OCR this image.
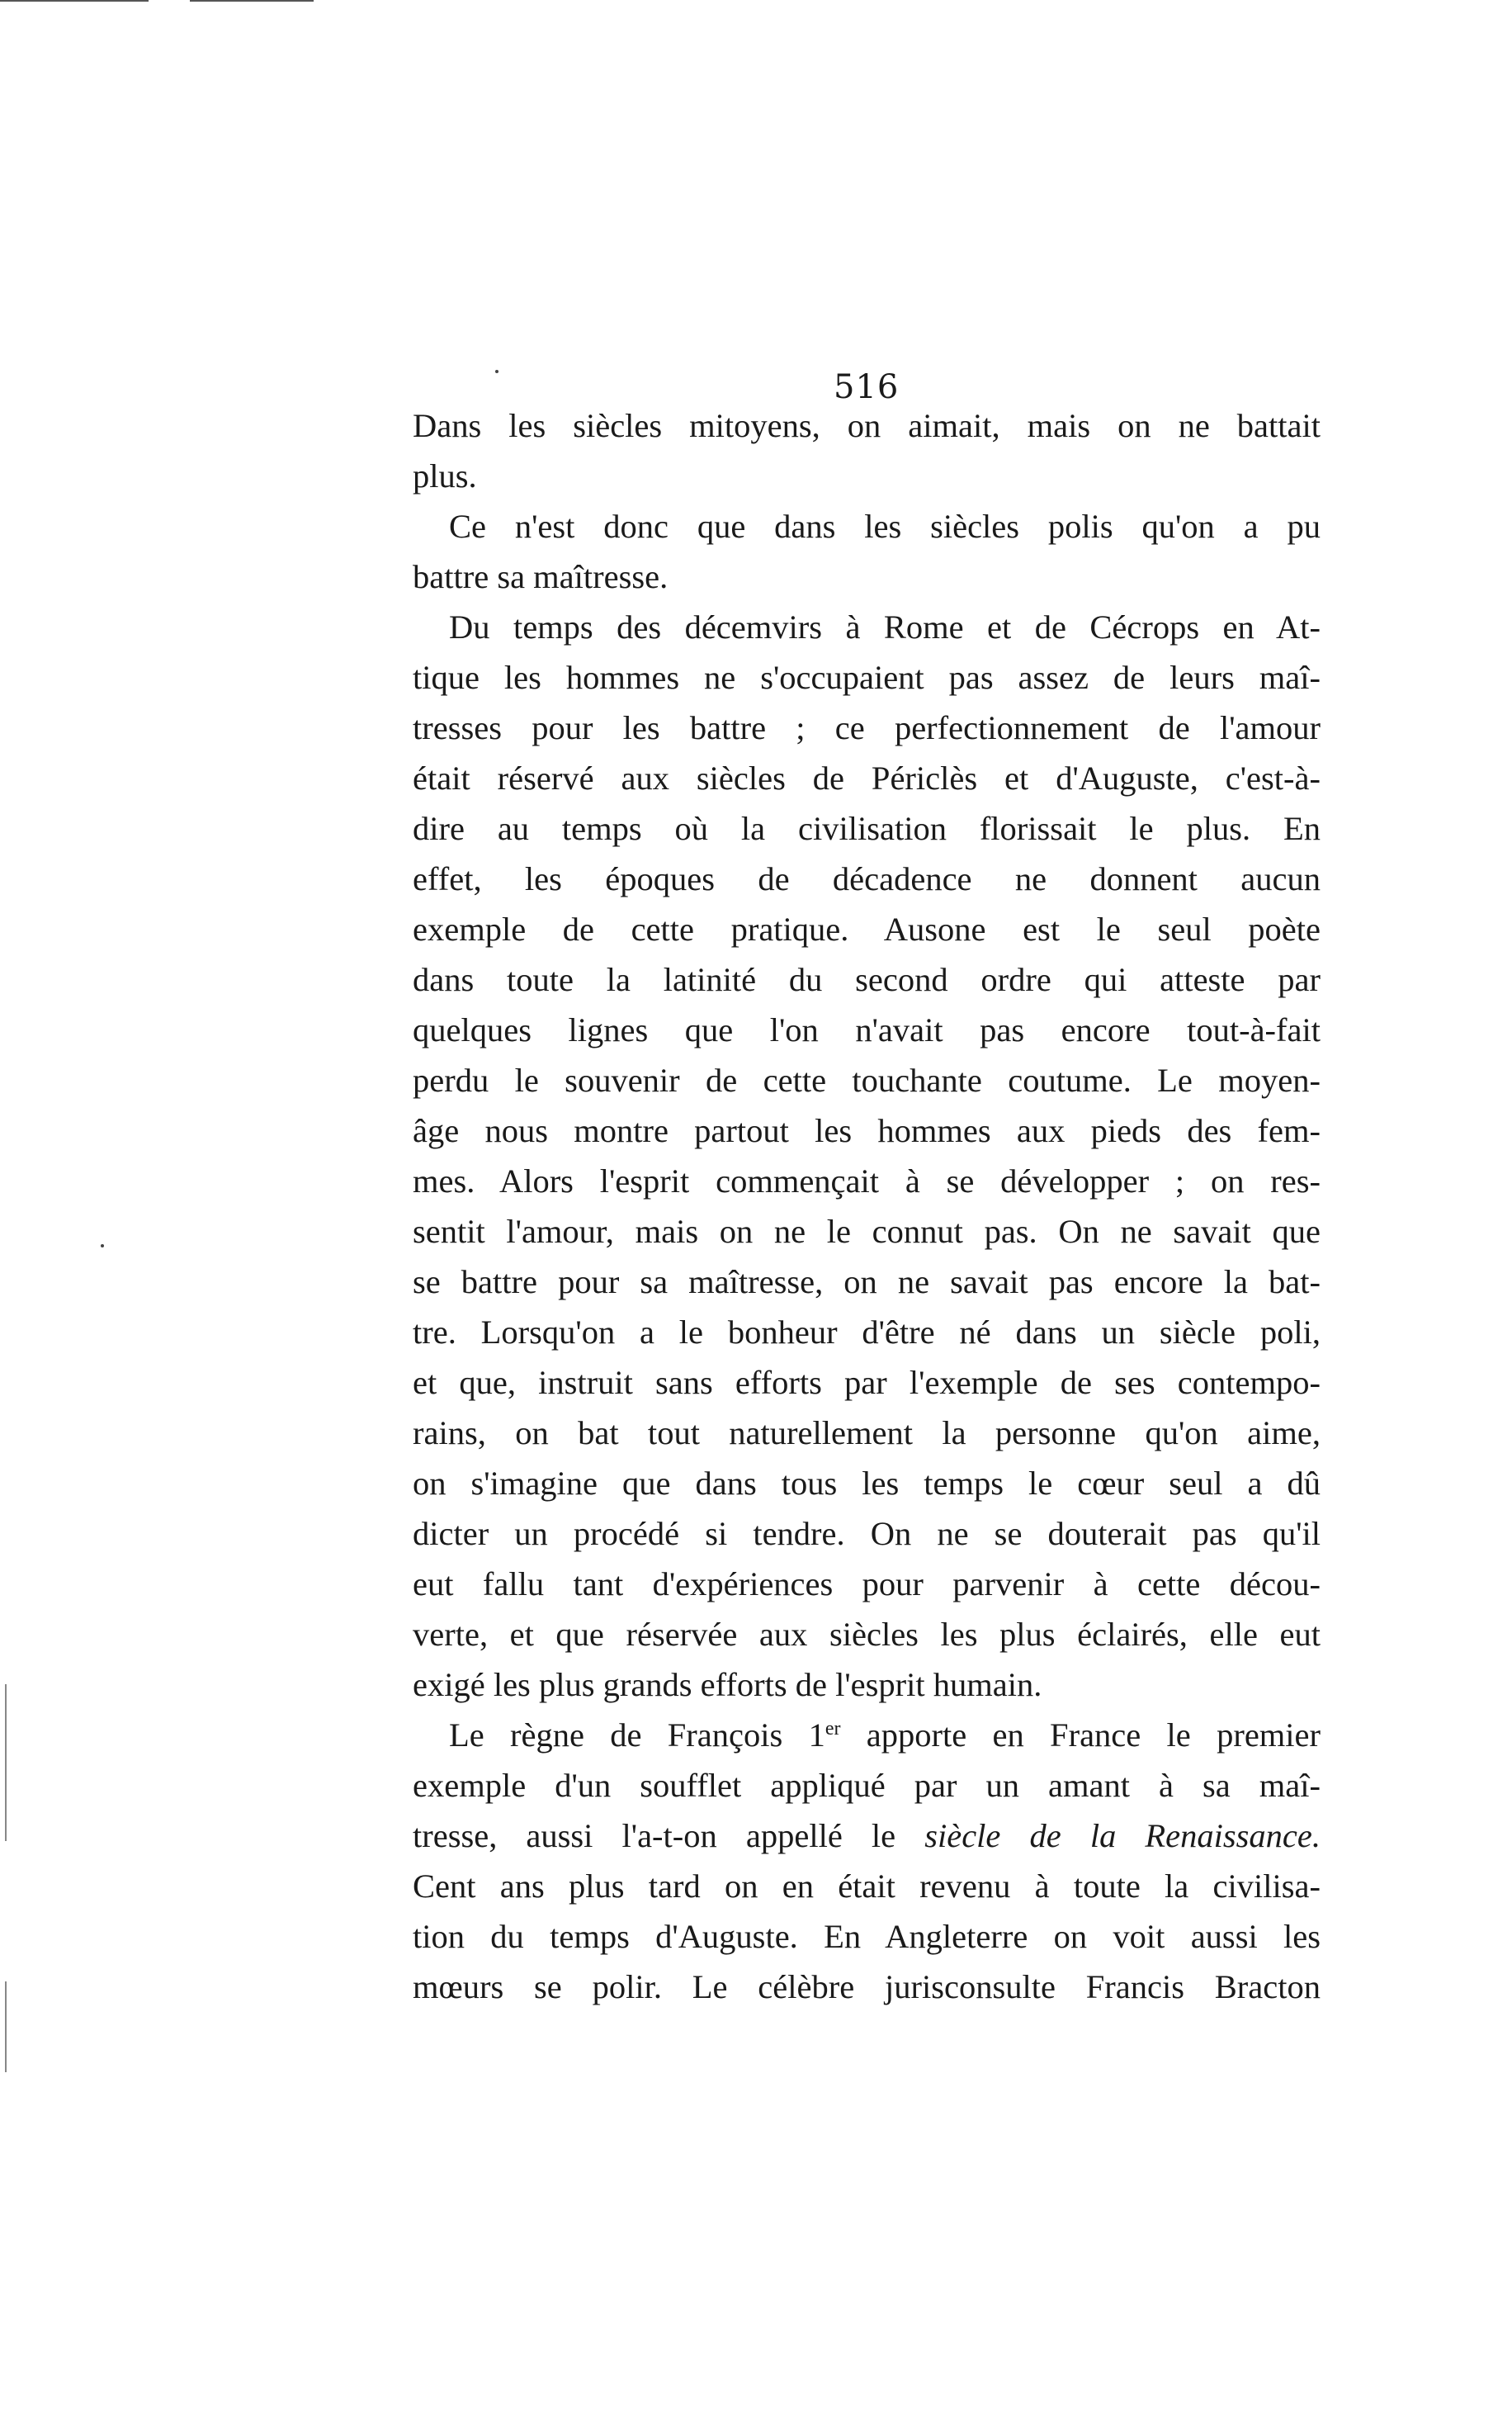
516

Dans les siècles mitoyens, on aimait, mais on ne battait
plus.

Ce n'est donc que dans les siècles polis qu'on a pu
battre sa maîtresse.

Du temps des décemvirs à Rome et de Cécrops en At-
tique les hommes ne s'occupaient pas assez de leurs maî-
tresses pour les battre ; ce perfectionnement de l'amour
était réservé aux siècles de Périclès et d'Auguste, c'est-à-
dire au temps où la civilisation florissait le plus. En
effet, les époques de décadence ne donnent aucun
exemple de cette pratique. Ausone est le seul poète
dans toute la latinité du second ordre qui atteste par
quelques lignes que l'on n'avait pas encore tout-à-fait
perdu le souvenir de cette touchante coutume. Le moyen-
âge nous montre partout les hommes aux pieds des fem-
mes. Alors l'esprit commençait à se développer ; on res-
sentit l'amour, mais on ne le connut pas. On ne savait que
se battre pour sa maîtresse, on ne savait pas encore la bat-
tre. Lorsqu'on a le bonheur d'être né dans un siècle poli,
et que, instruit sans efforts par l'exemple de ses contempo-
rains, on bat tout naturellement la personne qu'on aime,
on s'imagine que dans tous les temps le cœur seul a dû
dicter un procédé si tendre. On ne se douterait pas qu'il
eut fallu tant d'expériences pour parvenir à cette décou-
verte, et que réservée aux siècles les plus éclairés, elle eut
exigé les plus grands efforts de l'esprit humain.

Le règne de François 1er apporte en France le premier
exemple d'un soufflet appliqué par un amant à sa maî-
tresse, aussi l'a-t-on appellé le siècle de la Renaissance.
Cent ans plus tard on en était revenu à toute la civilisa-
tion du temps d'Auguste. En Angleterre on voit aussi les
mœurs se polir. Le célèbre jurisconsulte Francis Bracton
